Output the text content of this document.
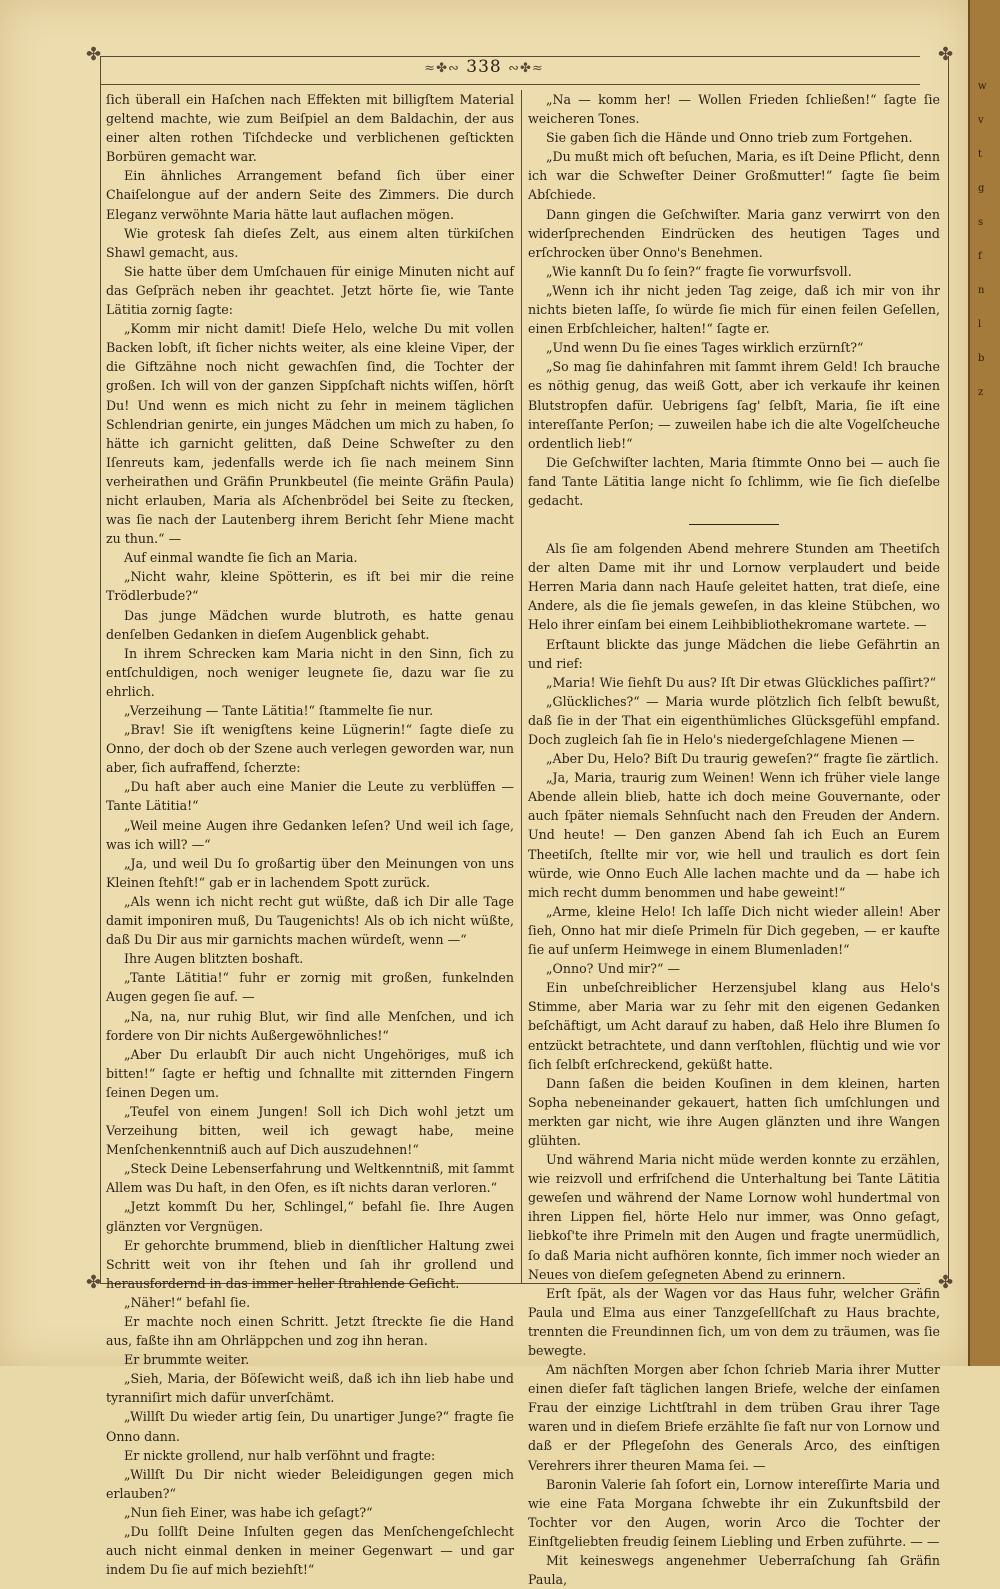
✤	✤
✤	✤
≈✤∾ 338 ∾✤≈

ſich überall ein Haſchen nach Effekten mit billigſtem Material geltend machte, wie zum Beiſpiel an dem Baldachin, der aus einer alten rothen Tiſchdecke und verblichenen geſtickten Borbüren gemacht war.

Ein ähnliches Arrangement befand ſich über einer Chaiſelongue auf der andern Seite des Zimmers. Die durch Eleganz verwöhnte Maria hätte laut auflachen mögen.

Wie grotesk ſah dieſes Zelt, aus einem alten türkiſchen Shawl gemacht, aus.

Sie hatte über dem Umſchauen für einige Minuten nicht auf das Geſpräch neben ihr geachtet. Jetzt hörte ſie, wie Tante Lätitia zornig ſagte:

„Komm mir nicht damit! Dieſe Helo, welche Du mit vollen Backen lobſt, iſt ſicher nichts weiter, als eine kleine Viper, der die Giftzähne noch nicht gewachſen ſind, die Tochter der großen. Ich will von der ganzen Sippſchaft nichts wiſſen, hörſt Du! Und wenn es mich nicht zu ſehr in meinem täglichen Schlendrian genirte, ein junges Mädchen um mich zu haben, ſo hätte ich garnicht gelitten, daß Deine Schweſter zu den Iſenreuts kam, jedenfalls werde ich ſie nach meinem Sinn verheirathen und Gräfin Prunkbeutel (ſie meinte Gräfin Paula) nicht erlauben, Maria als Aſchenbrödel bei Seite zu ſtecken, was ſie nach der Lautenberg ihrem Bericht ſehr Miene macht zu thun.“ —

Auf einmal wandte ſie ſich an Maria.

„Nicht wahr, kleine Spötterin, es iſt bei mir die reine Trödlerbude?“

Das junge Mädchen wurde blutroth, es hatte genau denſelben Gedanken in dieſem Augenblick gehabt.

In ihrem Schrecken kam Maria nicht in den Sinn, ſich zu entſchuldigen, noch weniger leugnete ſie, dazu war ſie zu ehrlich.

„Verzeihung — Tante Lätitia!“ ſtammelte ſie nur.

„Brav! Sie iſt wenigſtens keine Lügnerin!“ ſagte dieſe zu Onno, der doch ob der Szene auch verlegen geworden war, nun aber, ſich aufraffend, ſcherzte:

„Du haſt aber auch eine Manier die Leute zu verblüffen — Tante Lätitia!“

„Weil meine Augen ihre Gedanken leſen? Und weil ich ſage, was ich will? —“

„Ja, und weil Du ſo großartig über den Meinungen von uns Kleinen ſtehſt!“ gab er in lachendem Spott zurück.

„Als wenn ich nicht recht gut wüßte, daß ich Dir alle Tage damit imponiren muß, Du Taugenichts! Als ob ich nicht wüßte, daß Du Dir aus mir garnichts machen würdeſt, wenn —“

Ihre Augen blitzten boshaft.

„Tante Lätitia!“ fuhr er zornig mit großen, funkelnden Augen gegen ſie auf. —

„Na, na, nur ruhig Blut, wir ſind alle Menſchen, und ich fordere von Dir nichts Außergewöhnliches!“

„Aber Du erlaubſt Dir auch nicht Ungehöriges, muß ich bitten!“ ſagte er heftig und ſchnallte mit zitternden Fingern ſeinen Degen um.

„Teufel von einem Jungen! Soll ich Dich wohl jetzt um Verzeihung bitten, weil ich gewagt habe, meine Menſchenkenntniß auch auf Dich auszudehnen!“

„Steck Deine Lebenserfahrung und Weltkenntniß, mit ſammt Allem was Du haſt, in den Ofen, es iſt nichts daran verloren.“

„Jetzt kommſt Du her, Schlingel,“ befahl ſie. Ihre Augen glänzten vor Vergnügen.

Er gehorchte brummend, blieb in dienſtlicher Haltung zwei Schritt weit von ihr ſtehen und ſah ihr grollend und herausfordernd in das immer heller ſtrahlende Geſicht.

„Näher!“ befahl ſie.

Er machte noch einen Schritt. Jetzt ſtreckte ſie die Hand aus, faßte ihn am Ohrläppchen und zog ihn heran.

Er brummte weiter.

„Sieh, Maria, der Böſewicht weiß, daß ich ihn lieb habe und tyranniſirt mich dafür unverſchämt.

„Willſt Du wieder artig ſein, Du unartiger Junge?“ fragte ſie Onno dann.

Er nickte grollend, nur halb verſöhnt und fragte:

„Willſt Du Dir nicht wieder Beleidigungen gegen mich erlauben?“

„Nun ſieh Einer, was habe ich geſagt?“

„Du ſollſt Deine Inſulten gegen das Menſchengeſchlecht auch nicht einmal denken in meiner Gegenwart — und gar indem Du ſie auf mich beziehſt!“

„Na — komm her! — Wollen Frieden ſchließen!“ ſagte ſie weicheren Tones.

Sie gaben ſich die Hände und Onno trieb zum Fortgehen.

„Du mußt mich oft beſuchen, Maria, es iſt Deine Pflicht, denn ich war die Schweſter Deiner Großmutter!“ ſagte ſie beim Abſchiede.

Dann gingen die Geſchwiſter. Maria ganz verwirrt von den widerſprechenden Eindrücken des heutigen Tages und erſchrocken über Onno's Benehmen.

„Wie kannſt Du ſo ſein?“ fragte ſie vorwurfsvoll.

„Wenn ich ihr nicht jeden Tag zeige, daß ich mir von ihr nichts bieten laſſe, ſo würde ſie mich für einen feilen Geſellen, einen Erbſchleicher, halten!“ ſagte er.

„Und wenn Du ſie eines Tages wirklich erzürnſt?“

„So mag ſie dahinfahren mit ſammt ihrem Geld! Ich brauche es nöthig genug, das weiß Gott, aber ich verkaufe ihr keinen Blutstropfen dafür. Uebrigens ſag' ſelbſt, Maria, ſie iſt eine intereſſante Perſon; — zuweilen habe ich die alte Vogelſcheuche ordentlich lieb!“

Die Geſchwiſter lachten, Maria ſtimmte Onno bei — auch ſie fand Tante Lätitia lange nicht ſo ſchlimm, wie ſie ſich dieſelbe gedacht.

Als ſie am folgenden Abend mehrere Stunden am Theetiſch der alten Dame mit ihr und Lornow verplaudert und beide Herren Maria dann nach Hauſe geleitet hatten, trat dieſe, eine Andere, als die ſie jemals geweſen, in das kleine Stübchen, wo Helo ihrer einſam bei einem Leihbibliothekromane wartete. —

Erſtaunt blickte das junge Mädchen die liebe Gefährtin an und rief:

„Maria! Wie ſiehſt Du aus? Iſt Dir etwas Glückliches paſſirt?“

„Glückliches?“ — Maria wurde plötzlich ſich ſelbſt bewußt, daß ſie in der That ein eigenthümliches Glücksgefühl empfand. Doch zugleich ſah ſie in Helo's niedergeſchlagene Mienen —

„Aber Du, Helo? Biſt Du traurig geweſen?“ fragte ſie zärtlich.

„Ja, Maria, traurig zum Weinen! Wenn ich früher viele lange Abende allein blieb, hatte ich doch meine Gouvernante, oder auch ſpäter niemals Sehnſucht nach den Freuden der Andern. Und heute! — Den ganzen Abend ſah ich Euch an Eurem Theetiſch, ſtellte mir vor, wie hell und traulich es dort ſein würde, wie Onno Euch Alle lachen machte und da — habe ich mich recht dumm benommen und habe geweint!“

„Arme, kleine Helo! Ich laſſe Dich nicht wieder allein! Aber ſieh, Onno hat mir dieſe Primeln für Dich gegeben, — er kaufte ſie auf unſerm Heimwege in einem Blumenladen!“

„Onno? Und mir?“ —

Ein unbeſchreiblicher Herzensjubel klang aus Helo's Stimme, aber Maria war zu ſehr mit den eigenen Gedanken beſchäftigt, um Acht darauf zu haben, daß Helo ihre Blumen ſo entzückt betrachtete, und dann verſtohlen, flüchtig und wie vor ſich ſelbſt erſchreckend, geküßt hatte.

Dann ſaßen die beiden Kouſinen in dem kleinen, harten Sopha nebeneinander gekauert, hatten ſich umſchlungen und merkten gar nicht, wie ihre Augen glänzten und ihre Wangen glühten.

Und während Maria nicht müde werden konnte zu erzählen, wie reizvoll und erfriſchend die Unterhaltung bei Tante Lätitia geweſen und während der Name Lornow wohl hundertmal von ihren Lippen fiel, hörte Helo nur immer, was Onno geſagt, liebkoſ'te ihre Primeln mit den Augen und fragte unermüdlich, ſo daß Maria nicht aufhören konnte, ſich immer noch wieder an Neues von dieſem geſegneten Abend zu erinnern.

Erſt ſpät, als der Wagen vor das Haus fuhr, welcher Gräfin Paula und Elma aus einer Tanzgeſellſchaft zu Haus brachte, trennten die Freundinnen ſich, um von dem zu träumen, was ſie bewegte.

Am nächſten Morgen aber ſchon ſchrieb Maria ihrer Mutter einen dieſer faſt täglichen langen Briefe, welche der einſamen Frau der einzige Lichtſtrahl in dem trüben Grau ihrer Tage waren und in dieſem Briefe erzählte ſie faſt nur von Lornow und daß er der Pflegeſohn des Generals Arco, des einſtigen Verehrers ihrer theuren Mama ſei. —

Baronin Valerie ſah ſofort ein, Lornow intereſſirte Maria und wie eine Fata Morgana ſchwebte ihr ein Zukunftsbild der Tochter vor den Augen, worin Arco die Tochter der Einſtgeliebten freudig ſeinem Liebling und Erben zuführte. — —

Mit keineswegs angenehmer Ueberraſchung ſah Gräfin Paula,

w
v
t
g
s
f
n
l
b
z
